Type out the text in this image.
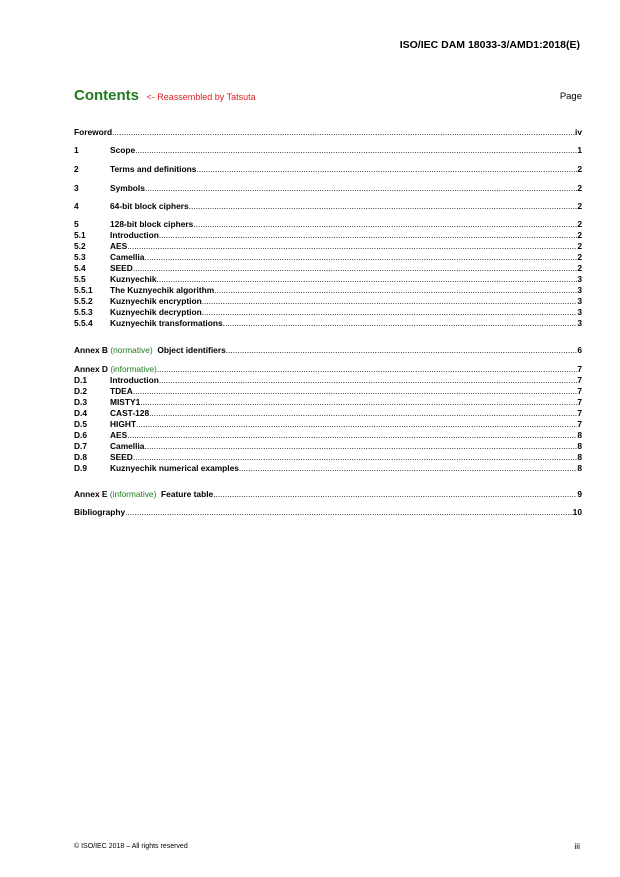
ISO/IEC DAM 18033-3/AMD1:2018(E)
Contents <- Reassembled by Tatsuta	Page
Foreword .....	iv
1	Scope .....	1
2	Terms and definitions .....	2
3	Symbols .....	2
4	64-bit block ciphers .....	2
5	128-bit block ciphers .....	2
5.1	Introduction .....	2
5.2	AES .....	2
5.3	Camellia .....	2
5.4	SEED .....	2
5.5	Kuznyechik .....	3
5.5.1	The Kuznyechik algorithm .....	3
5.5.2	Kuznyechik encryption .....	3
5.5.3	Kuznyechik decryption .....	3
5.5.4	Kuznyechik transformations .....	3
Annex B (normative) Object identifiers .....	6
Annex D (informative) .....	7
D.1	Introduction .....	7
D.2	TDEA .....	7
D.3	MISTY1 .....	7
D.4	CAST-128 .....	7
D.5	HIGHT .....	7
D.6	AES .....	8
D.7	Camellia .....	8
D.8	SEED .....	8
D.9	Kuznyechik numerical examples .....	8
Annex E (informative) Feature table .....	9
Bibliography .....	10
© ISO/IEC 2018 – All rights reserved	iii
